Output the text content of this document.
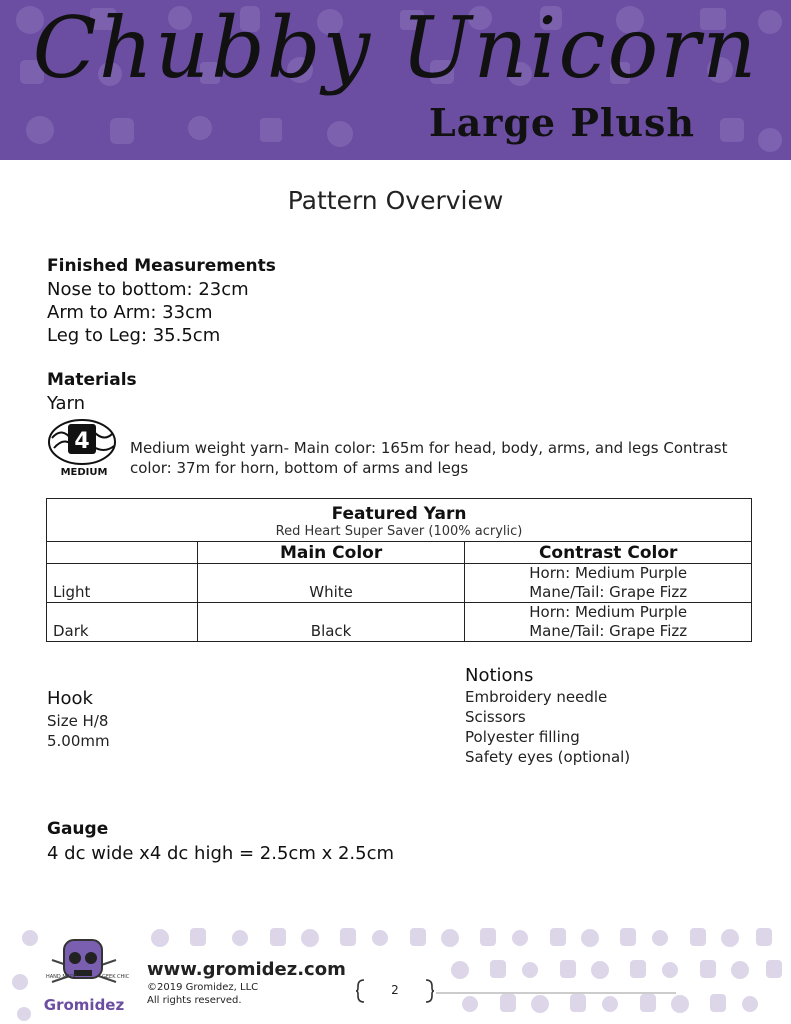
Chubby Unicorn
Large Plush
Pattern Overview
Finished Measurements
Nose to bottom: 23cm
Arm to Arm: 33cm
Leg to Leg: 35.5cm
Materials
Yarn
4
MEDIUM
Medium weight yarn- Main color: 165m for head, body, arms, and legs Contrast color: 37m for horn, bottom of arms and legs
Featured Yarn
Red Heart Super Saver (100% acrylic)		

	Main Color	Contrast Color
Light	White	Horn: Medium Purple
Mane/Tail: Grape Fizz
Dark	Black	Horn: Medium Purple
Mane/Tail: Grape Fizz
Hook
Size H/8
5.00mm
Notions
Embroidery needle
Scissors
Polyester filling
Safety eyes (optional)
Gauge
4 dc wide x4 dc high = 2.5cm x 2.5cm
HAND MADE	GEEK CHIC
Gromidez
www.gromidez.com
©2019 Gromidez, LLC
All rights reserved.
2
